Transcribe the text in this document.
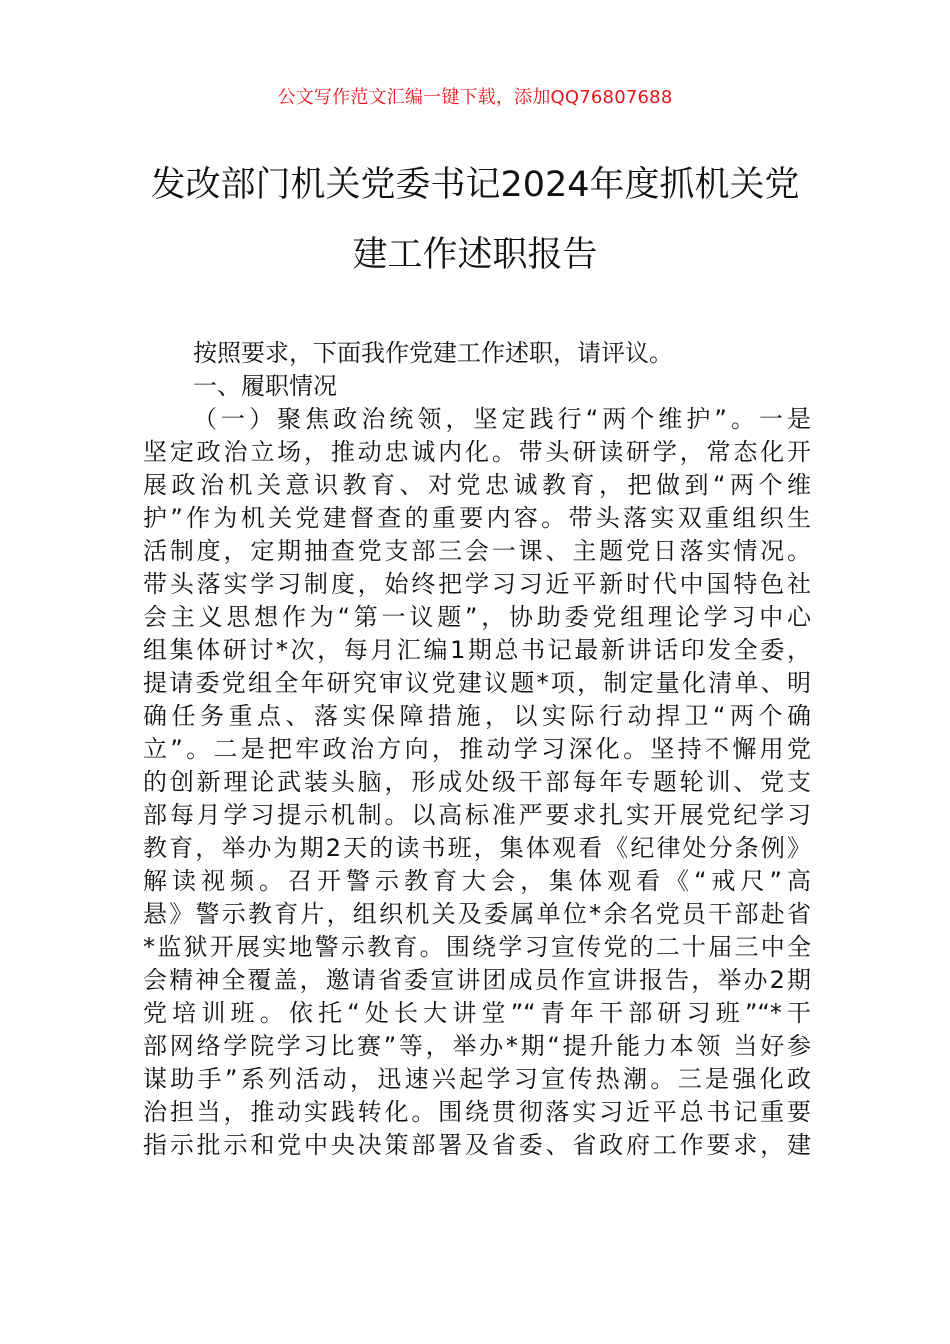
公文写作范文汇编一键下载，添加QQ76807688
发改部门机关党委书记2024年度抓机关党
建工作述职报告
按照要求，下面我作党建工作述职，请评议。
一、履职情况
（一）聚焦政治统领，坚定践行“两个维护”。一是
坚定政治立场，推动忠诚内化。带头研读研学，常态化开
展政治机关意识教育、对党忠诚教育，把做到“两个维
护”作为机关党建督查的重要内容。带头落实双重组织生
活制度，定期抽查党支部三会一课、主题党日落实情况。
带头落实学习制度，始终把学习习近平新时代中国特色社
会主义思想作为“第一议题”，协助委党组理论学习中心
组集体研讨*次，每月汇编1期总书记最新讲话印发全委，
提请委党组全年研究审议党建议题*项，制定量化清单、明
确任务重点、落实保障措施，以实际行动捍卫“两个确
立”。二是把牢政治方向，推动学习深化。坚持不懈用党
的创新理论武装头脑，形成处级干部每年专题轮训、党支
部每月学习提示机制。以高标准严要求扎实开展党纪学习
教育，举办为期2天的读书班，集体观看《纪律处分条例》
解读视频。召开警示教育大会，集体观看《“戒尺”高
悬》警示教育片，组织机关及委属单位*余名党员干部赴省
*监狱开展实地警示教育。围绕学习宣传党的二十届三中全
会精神全覆盖，邀请省委宣讲团成员作宣讲报告，举办2期
党培训班。依托“处长大讲堂”“青年干部研习班”“*干
部网络学院学习比赛”等，举办*期“提升能力本领 当好参
谋助手”系列活动，迅速兴起学习宣传热潮。三是强化政
治担当，推动实践转化。围绕贯彻落实习近平总书记重要
指示批示和党中央决策部署及省委、省政府工作要求，建
